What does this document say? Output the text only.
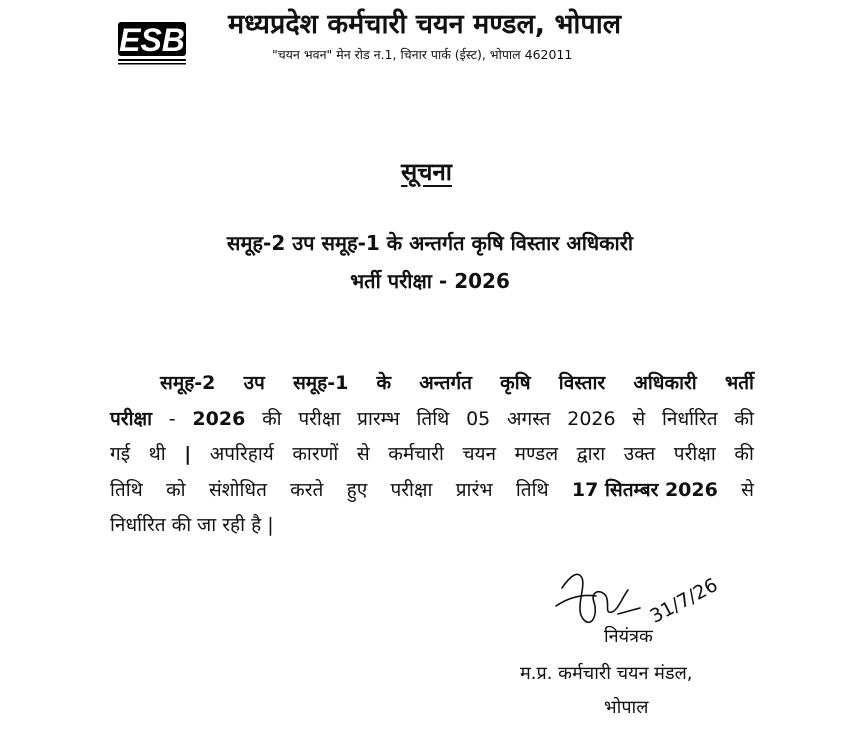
ESB मध्यप्रदेश कर्मचारी चयन मण्डल, भोपाल
"चयन भवन" मेन रोड न.1, चिनार पार्क (ईस्ट), भोपाल 462011
सूचना
समूह-2 उप समूह-1 के अन्तर्गत कृषि विस्तार अधिकारी
भर्ती परीक्षा - 2026
समूह-2 उप समूह-1 के अन्तर्गत कृषि विस्तार अधिकारी भर्ती
परीक्षा - 2026 की परीक्षा प्रारम्भ तिथि 05 अगस्त 2026 से निर्धारित की
गई थी | अपरिहार्य कारणों से कर्मचारी चयन मण्डल द्वारा उक्त परीक्षा की
तिथि को संशोधित करते हुए परीक्षा प्रारंभ तिथि 17 सितम्बर 2026 से
निर्धारित की जा रही है |
31/7/26
नियंत्रक
म.प्र. कर्मचारी चयन मंडल,
भोपाल
